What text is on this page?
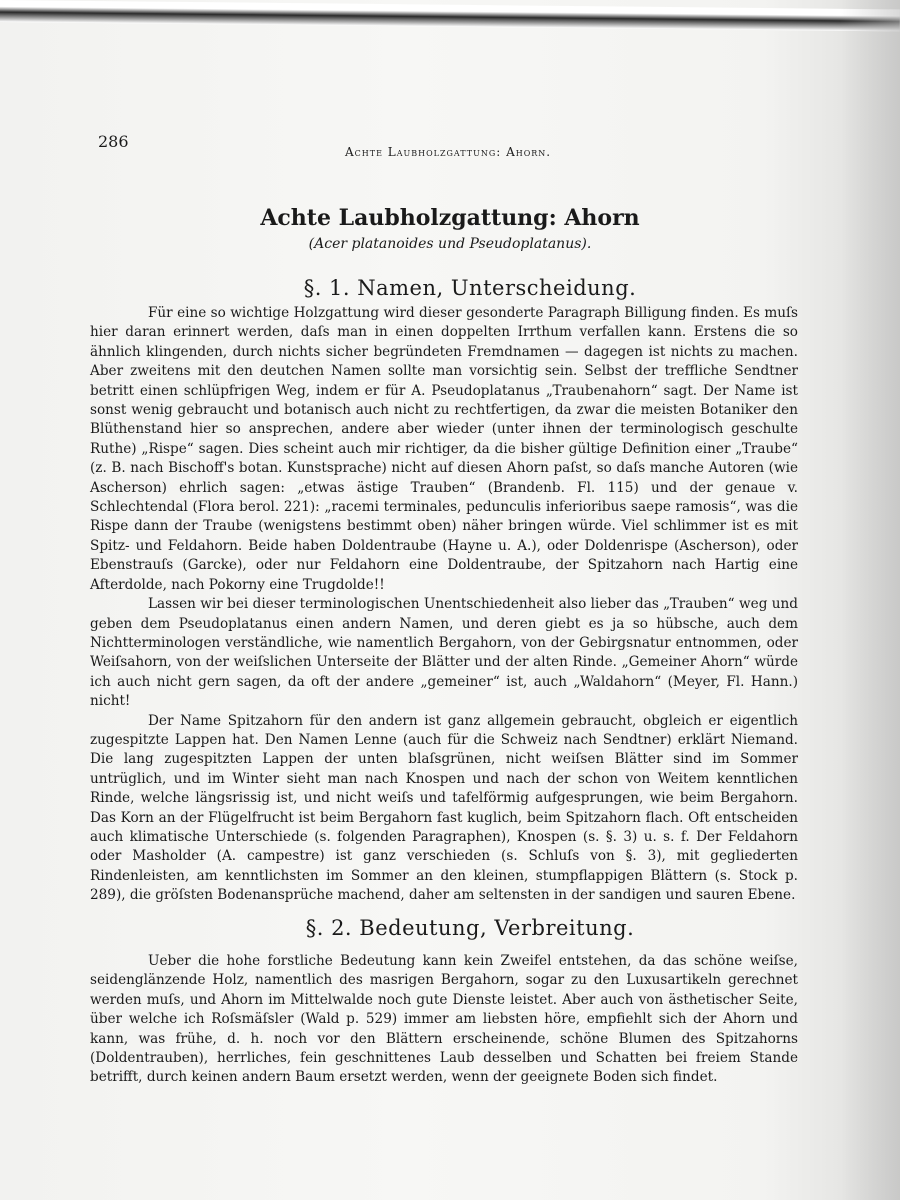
286
Achte Laubholzgattung: Ahorn.
Achte Laubholzgattung: Ahorn
(Acer platanoides und Pseudoplatanus).
§. 1. Namen, Unterscheidung.

Für eine so wichtige Holzgattung wird dieser gesonderte Paragraph Billigung finden. Es muſs hier daran erinnert werden, daſs man in einen doppelten Irrthum verfallen kann. Erstens die so ähnlich klingenden, durch nichts sicher begründeten Fremdnamen — dagegen ist nichts zu machen. Aber zweitens mit den deutchen Namen sollte man vorsichtig sein. Selbst der treffliche Sendtner betritt einen schlüpfrigen Weg, indem er für A. Pseudoplatanus „Traubenahorn“ sagt. Der Name ist sonst wenig gebraucht und botanisch auch nicht zu rechtfertigen, da zwar die meisten Botaniker den Blüthenstand hier so ansprechen, andere aber wieder (unter ihnen der terminologisch geschulte Ruthe) „Rispe“ sagen. Dies scheint auch mir richtiger, da die bisher gültige Definition einer „Traube“ (z. B. nach Bischoff's botan. Kunstsprache) nicht auf diesen Ahorn paſst, so daſs manche Autoren (wie Ascherson) ehrlich sagen: „etwas ästige Trauben“ (Brandenb. Fl. 115) und der genaue v. Schlechtendal (Flora berol. 221): „racemi terminales, pedunculis inferioribus saepe ramosis“, was die Rispe dann der Traube (wenigstens bestimmt oben) näher bringen würde. Viel schlimmer ist es mit Spitz- und Feldahorn. Beide haben Doldentraube (Hayne u. A.), oder Doldenrispe (Ascherson), oder Ebenstrauſs (Garcke), oder nur Feldahorn eine Doldentraube, der Spitzahorn nach Hartig eine Afterdolde, nach Pokorny eine Trugdolde!!

Lassen wir bei dieser terminologischen Unentschiedenheit also lieber das „Trauben“ weg und geben dem Pseudoplatanus einen andern Namen, und deren giebt es ja so hübsche, auch dem Nichtterminologen verständliche, wie namentlich Bergahorn, von der Gebirgsnatur entnommen, oder Weiſsahorn, von der weiſslichen Unterseite der Blätter und der alten Rinde. „Gemeiner Ahorn“ würde ich auch nicht gern sagen, da oft der andere „gemeiner“ ist, auch „Waldahorn“ (Meyer, Fl. Hann.) nicht!

Der Name Spitzahorn für den andern ist ganz allgemein gebraucht, obgleich er eigentlich zugespitzte Lappen hat. Den Namen Lenne (auch für die Schweiz nach Sendtner) erklärt Niemand. Die lang zugespitzten Lappen der unten blaſsgrünen, nicht weiſsen Blätter sind im Sommer untrüglich, und im Winter sieht man nach Knospen und nach der schon von Weitem kenntlichen Rinde, welche längsrissig ist, und nicht weiſs und tafelförmig aufgesprungen, wie beim Bergahorn. Das Korn an der Flügelfrucht ist beim Bergahorn fast kuglich, beim Spitzahorn flach. Oft entscheiden auch klimatische Unterschiede (s. folgenden Paragraphen), Knospen (s. §. 3) u. s. f. Der Feldahorn oder Masholder (A. campestre) ist ganz verschieden (s. Schluſs von §. 3), mit gegliederten Rindenleisten, am kenntlichsten im Sommer an den kleinen, stumpflappigen Blättern (s. Stock p. 289), die gröſsten Bodenansprüche machend, daher am seltensten in der sandigen und sauren Ebene.

§. 2. Bedeutung, Verbreitung.

Ueber die hohe forstliche Bedeutung kann kein Zweifel entstehen, da das schöne weiſse, seidenglänzende Holz, namentlich des masrigen Bergahorn, sogar zu den Luxusartikeln gerechnet werden muſs, und Ahorn im Mittelwalde noch gute Dienste leistet. Aber auch von ästhetischer Seite, über welche ich Roſsmäſsler (Wald p. 529) immer am liebsten höre, empfiehlt sich der Ahorn und kann, was frühe, d. h. noch vor den Blättern erscheinende, schöne Blumen des Spitzahorns (Doldentrauben), herrliches, fein geschnittenes Laub desselben und Schatten bei freiem Stande betrifft, durch keinen andern Baum ersetzt werden, wenn der geeignete Boden sich findet.
